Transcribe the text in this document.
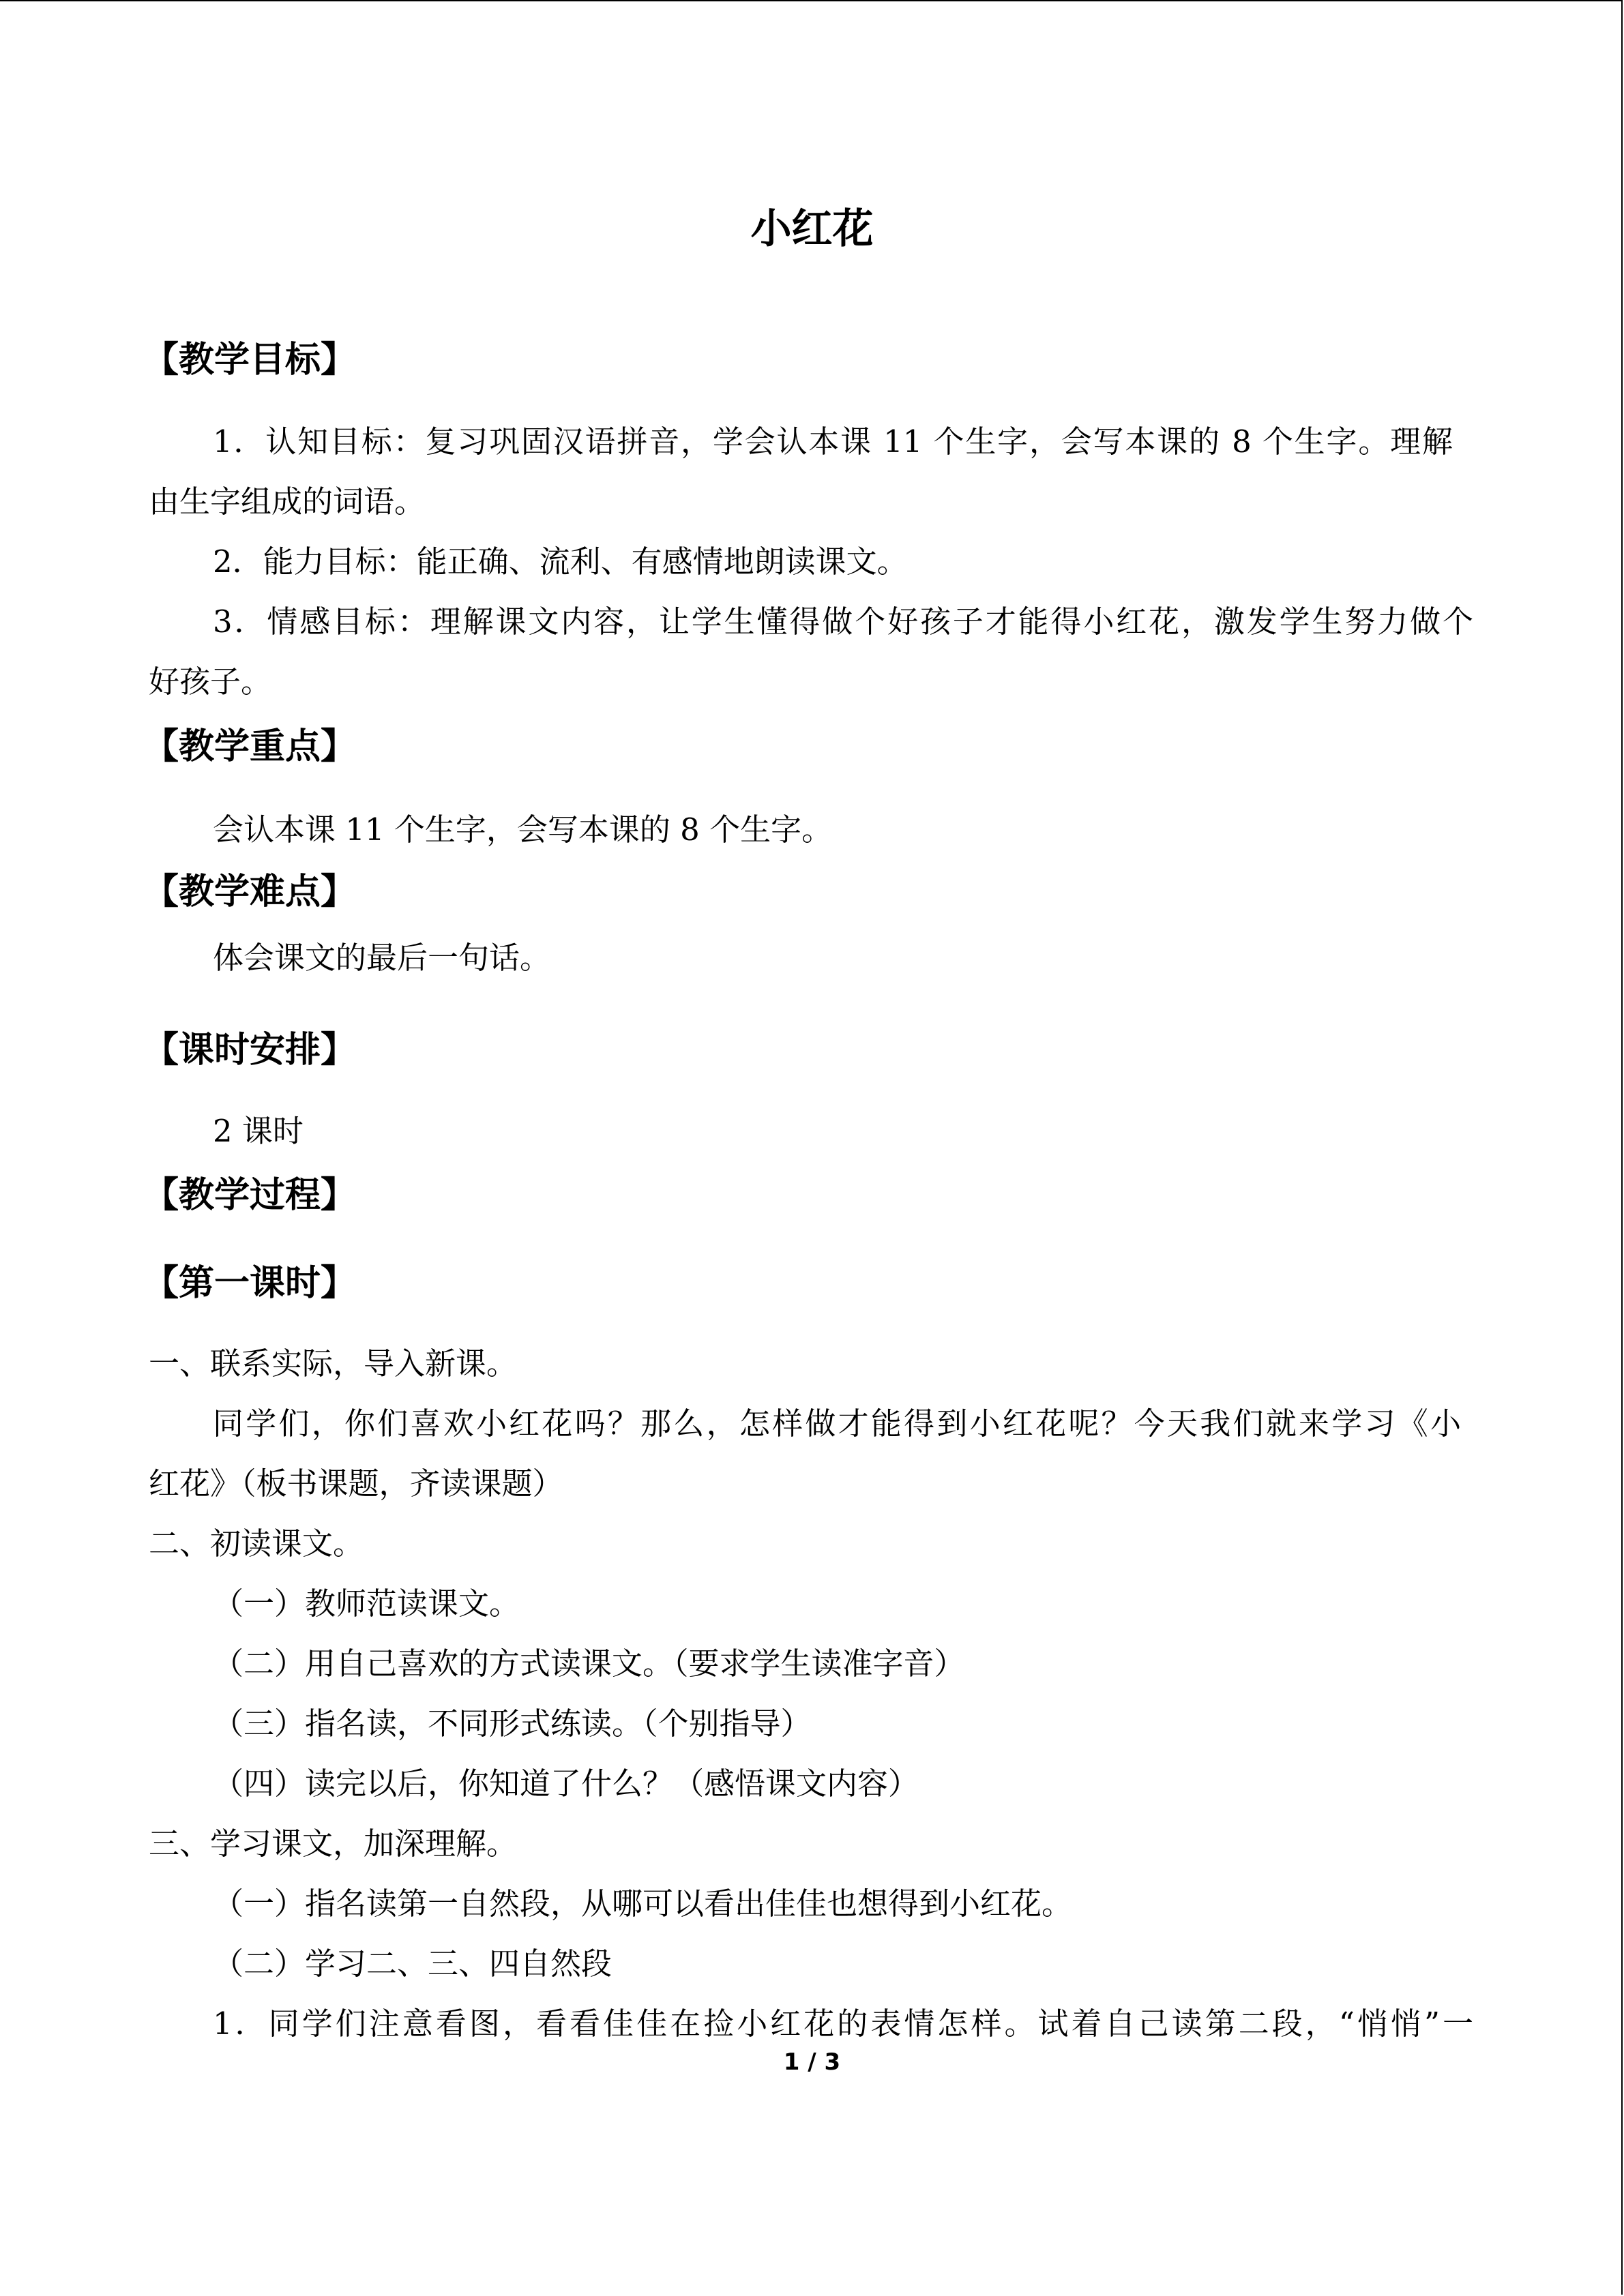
小红花
【教学目标】
1．认知目标：复习巩固汉语拼音，学会认本课 11 个生字，会写本课的 8 个生字。理解
由生字组成的词语。
2．能力目标：能正确、流利、有感情地朗读课文。
3．情感目标：理解课文内容，让学生懂得做个好孩子才能得小红花，激发学生努力做个
好孩子。
【教学重点】
会认本课 11 个生字，会写本课的 8 个生字。
【教学难点】
体会课文的最后一句话。
【课时安排】
2 课时
【教学过程】
【第一课时】
一、联系实际，导入新课。
同学们，你们喜欢小红花吗？那么，怎样做才能得到小红花呢？今天我们就来学习《小
红花》（板书课题，齐读课题）
二、初读课文。
（一）教师范读课文。
（二）用自己喜欢的方式读课文。（要求学生读准字音）
（三）指名读，不同形式练读。（个别指导）
（四）读完以后，你知道了什么？（感悟课文内容）
三、学习课文，加深理解。
（一）指名读第一自然段，从哪可以看出佳佳也想得到小红花。
（二）学习二、三、四自然段
1．同学们注意看图，看看佳佳在捡小红花的表情怎样。试着自己读第二段，“悄悄”一
1 / 3
